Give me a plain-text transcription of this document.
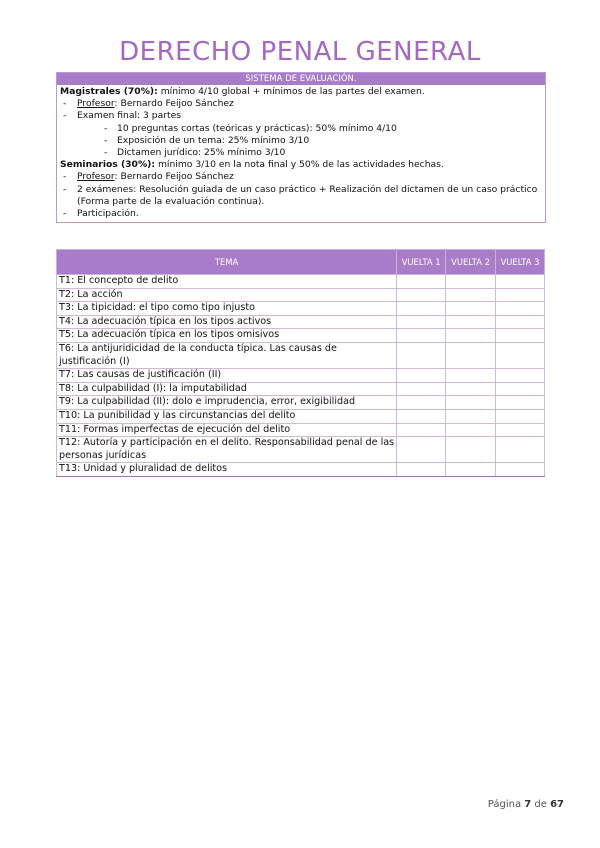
DERECHO PENAL GENERAL
SISTEMA DE EVALUACIÓN.
Magistrales (70%): mínimo 4/10 global + mínimos de las partes del examen.
- Profesor: Bernardo Feijoo Sánchez
- Examen final: 3 partes
- 10 preguntas cortas (teóricas y prácticas): 50% mínimo 4/10
- Exposición de un tema: 25% mínimo 3/10
- Dictamen jurídico: 25% mínimo 3/10
Seminarios (30%): mínimo 3/10 en la nota final y 50% de las actividades hechas.
- Profesor: Bernardo Feijoo Sánchez
- 2 exámenes: Resolución guiada de un caso práctico + Realización del dictamen de un caso práctico (Forma parte de la evaluación continua).
- Participación.
TEMA	VUELTA 1	VUELTA 2	VUELTA 3
T1: El concepto de delito			
T2: La acción			
T3: La tipicidad: el tipo como tipo injusto			
T4: La adecuación típica en los tipos activos			
T5: La adecuación típica en los tipos omisivos			
T6: La antijuridicidad de la conducta típica. Las causas de justificación (I)			
T7: Las causas de justificación (II)			
T8: La culpabilidad (I): la imputabilidad			
T9: La culpabilidad (II): dolo e imprudencia, error, exigibilidad			
T10: La punibilidad y las circunstancias del delito			
T11: Formas imperfectas de ejecución del delito			
T12: Autoría y participación en el delito. Responsabilidad penal de las personas jurídicas			
T13: Unidad y pluralidad de delitos			
Página 7 de 67
